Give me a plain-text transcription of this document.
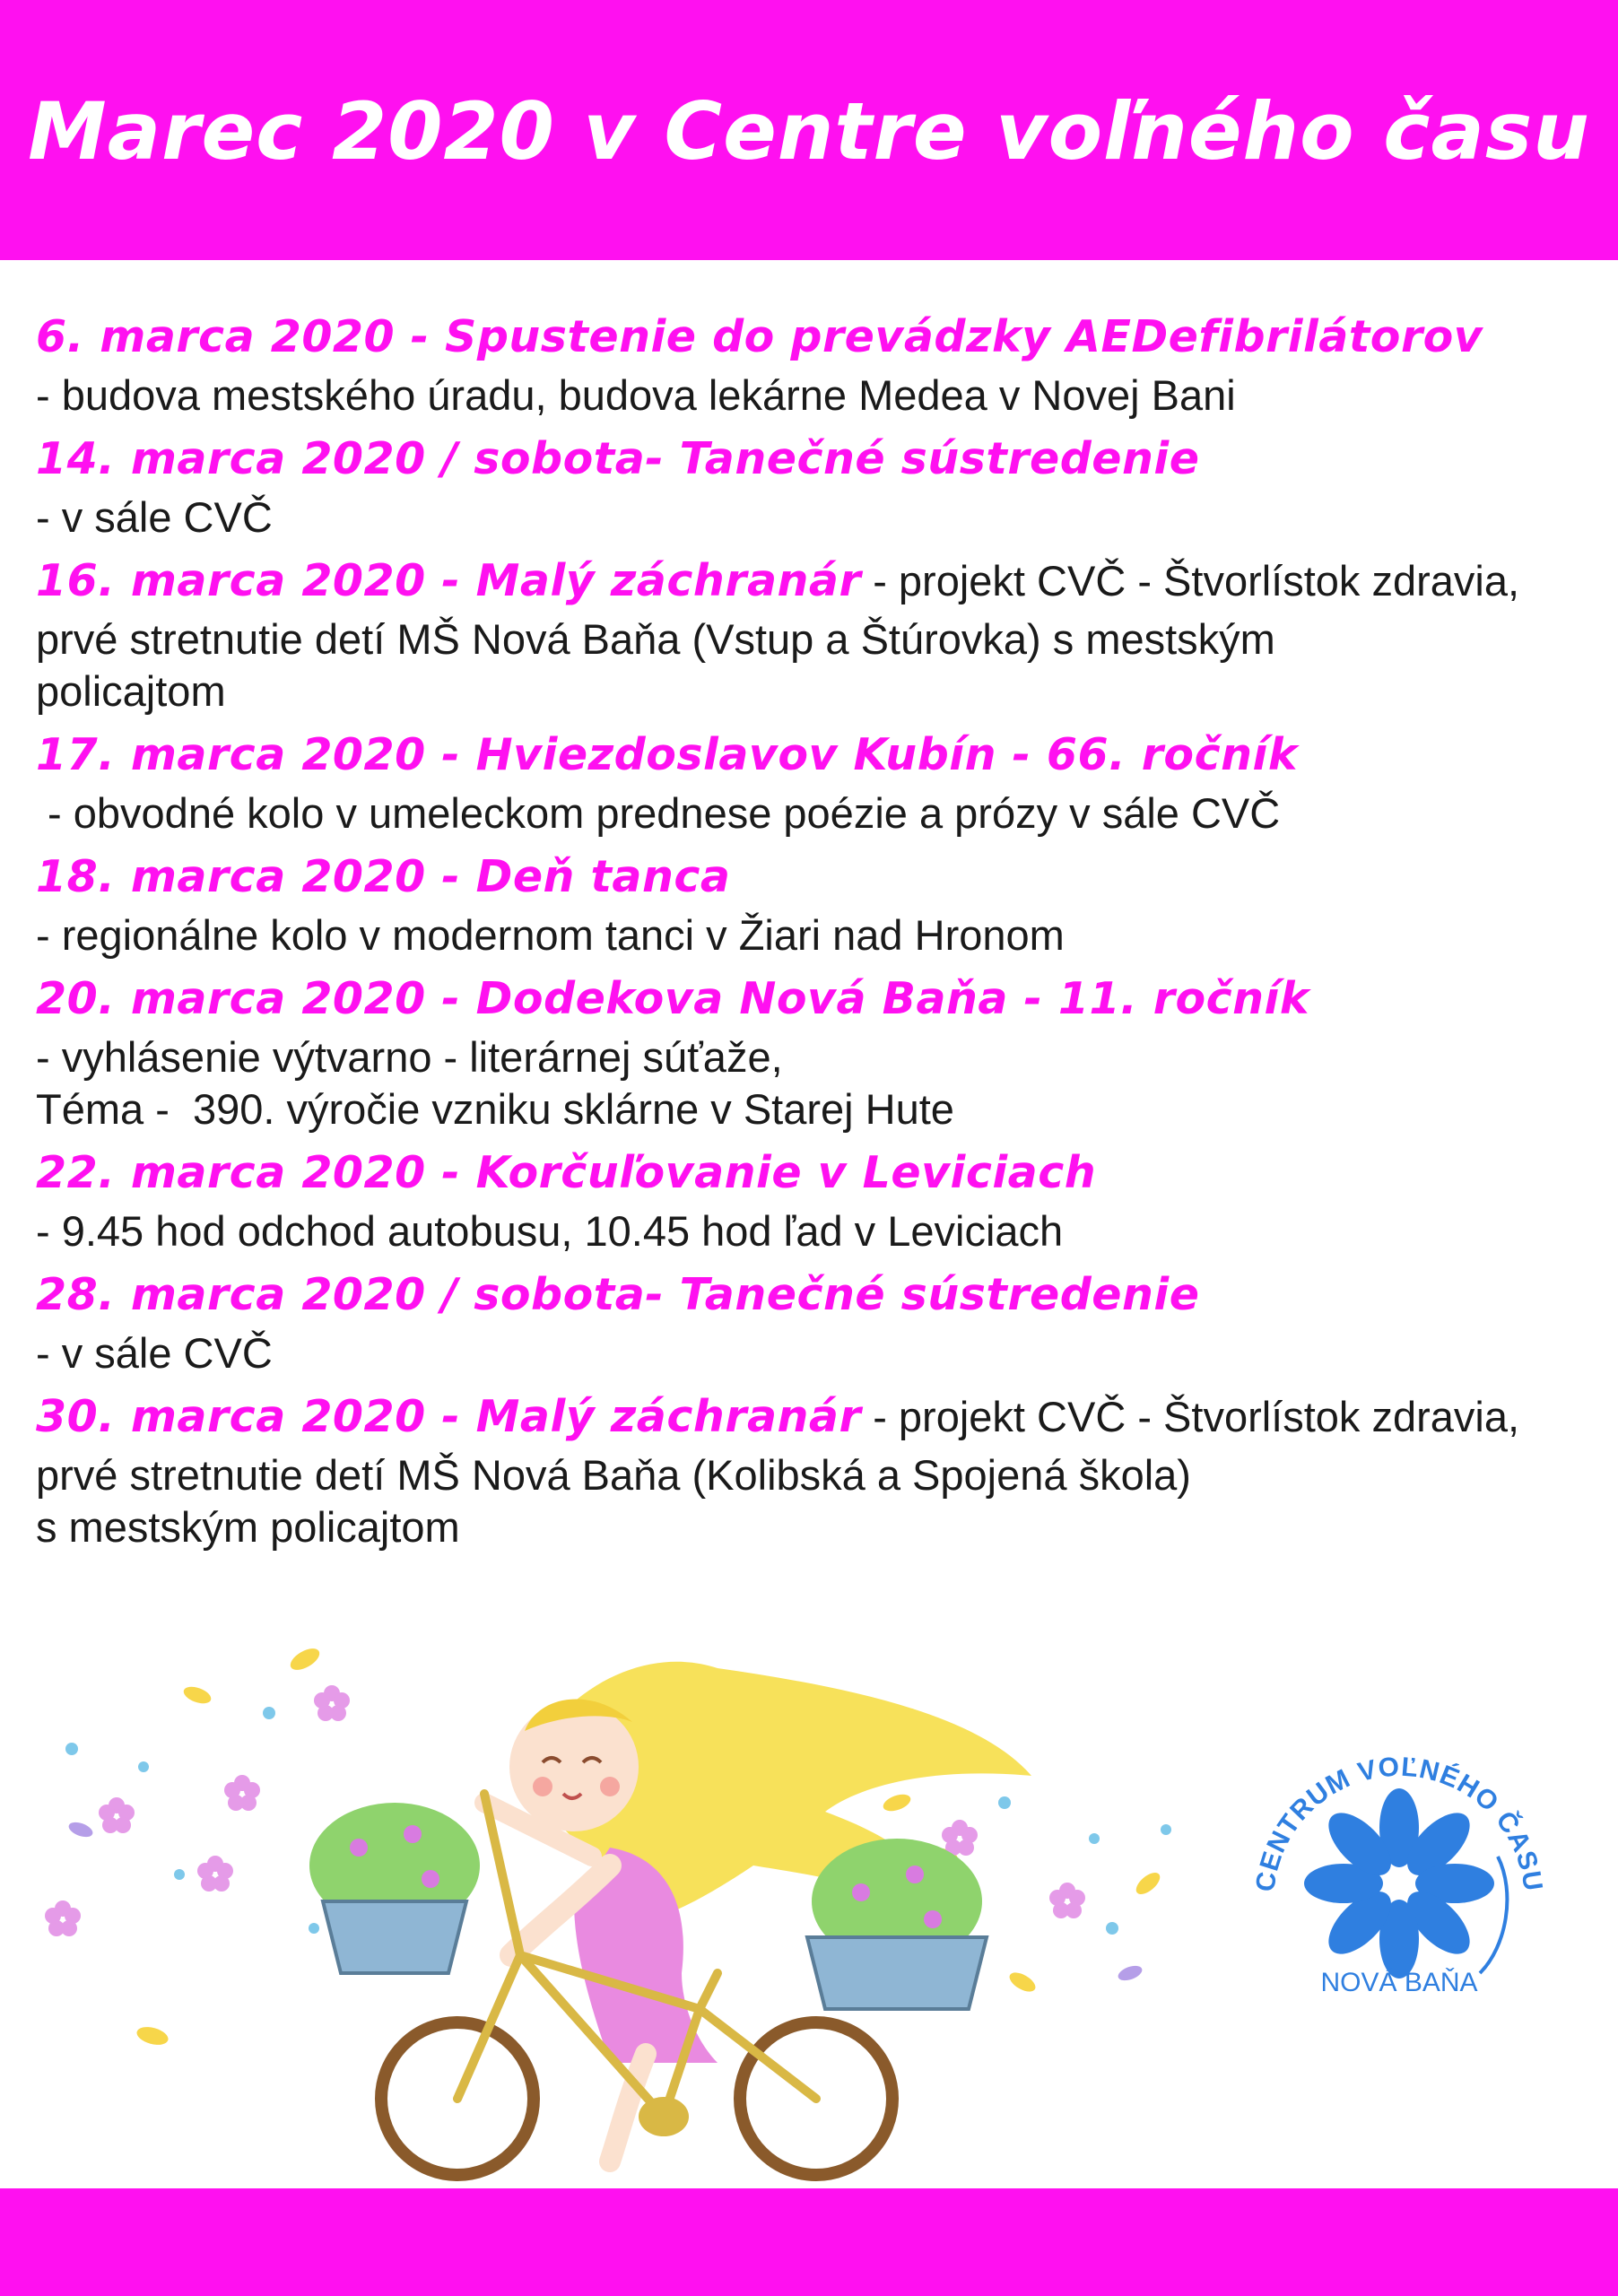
Marec 2020 v Centre voľného času
6. marca 2020 - Spustenie do prevádzky AEDefibrilátorov
- budova mestského úradu, budova lekárne Medea v Novej Bani
14. marca 2020 / sobota- Tanečné sústredenie
- v sále CVČ
16. marca 2020 - Malý záchranár - projekt CVČ - Štvorlístok zdravia,
prvé stretnutie detí MŠ Nová Baňa (Vstup a Štúrovka) s mestským
policajtom
17. marca 2020 - Hviezdoslavov Kubín - 66. ročník
- obvodné kolo v umeleckom prednese poézie a prózy v sále CVČ
18. marca 2020 - Deň tanca
- regionálne kolo v modernom tanci v Žiari nad Hronom
20. marca 2020 - Dodekova Nová Baňa - 11. ročník
- vyhlásenie výtvarno - literárnej súťaže,
Téma -  390. výročie vzniku sklárne v Starej Hute
22. marca 2020 - Korčuľovanie v Leviciach
- 9.45 hod odchod autobusu, 10.45 hod ľad v Leviciach
28. marca 2020 / sobota- Tanečné sústredenie
- v sále CVČ
30. marca 2020 - Malý záchranár - projekt CVČ - Štvorlístok zdravia,
prvé stretnutie detí MŠ Nová Baňa (Kolibská a Spojená škola)
s mestským policajtom
CENTRUM VOĽNÉHO ČASU
NOVÁ BAŇA
